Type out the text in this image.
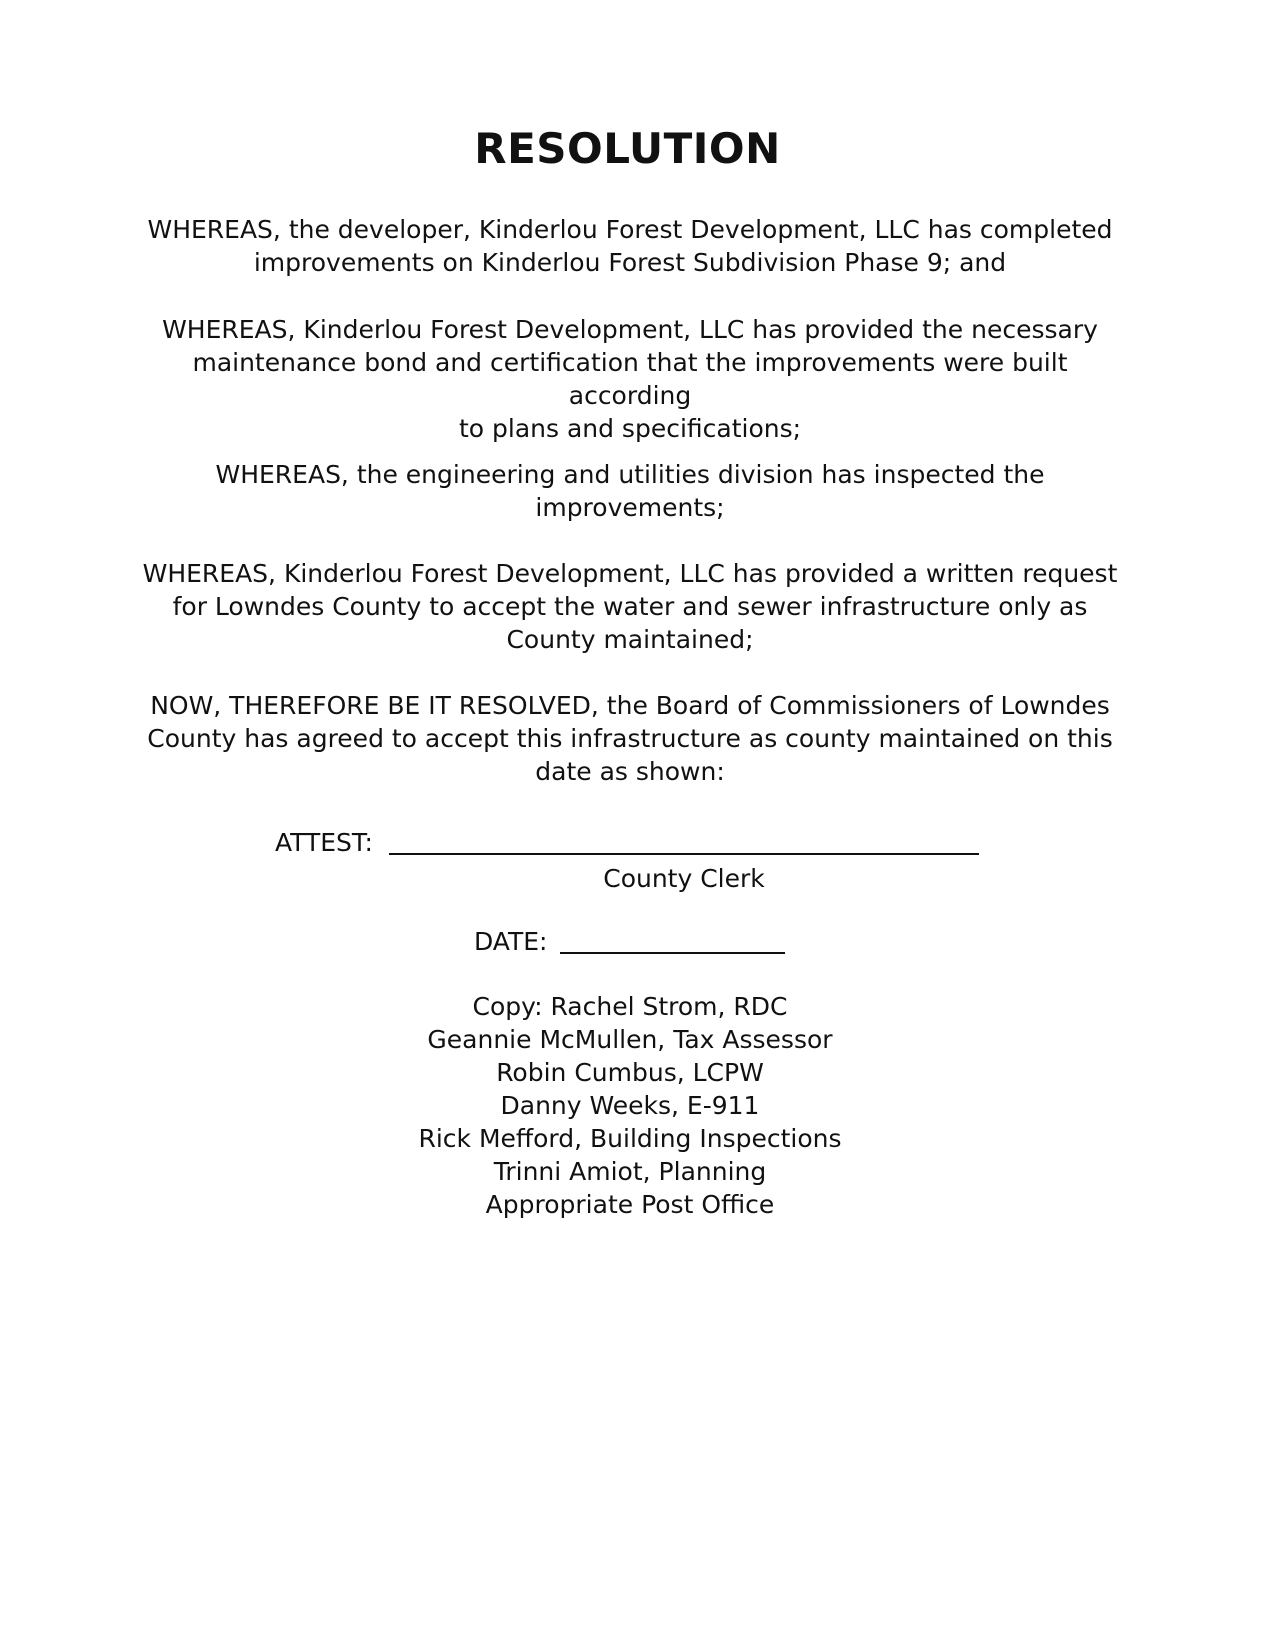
RESOLUTION

WHEREAS, the developer, Kinderlou Forest Development, LLC has completed
improvements on Kinderlou Forest Subdivision Phase 9; and

WHEREAS, Kinderlou Forest Development, LLC has provided the necessary
maintenance bond and certification that the improvements were built according
to plans and specifications;

WHEREAS, the engineering and utilities division has inspected the
improvements;

WHEREAS, Kinderlou Forest Development, LLC has provided a written request
for Lowndes County to accept the water and sewer infrastructure only as
County maintained;

NOW, THEREFORE BE IT RESOLVED, the Board of Commissioners of Lowndes
County has agreed to accept this infrastructure as county maintained on this
date as shown:

ATTEST:
County Clerk
DATE:
Copy: Rachel Strom, RDC
Geannie McMullen, Tax Assessor
Robin Cumbus, LCPW
Danny Weeks, E-911
Rick Mefford, Building Inspections
Trinni Amiot, Planning
Appropriate Post Office
